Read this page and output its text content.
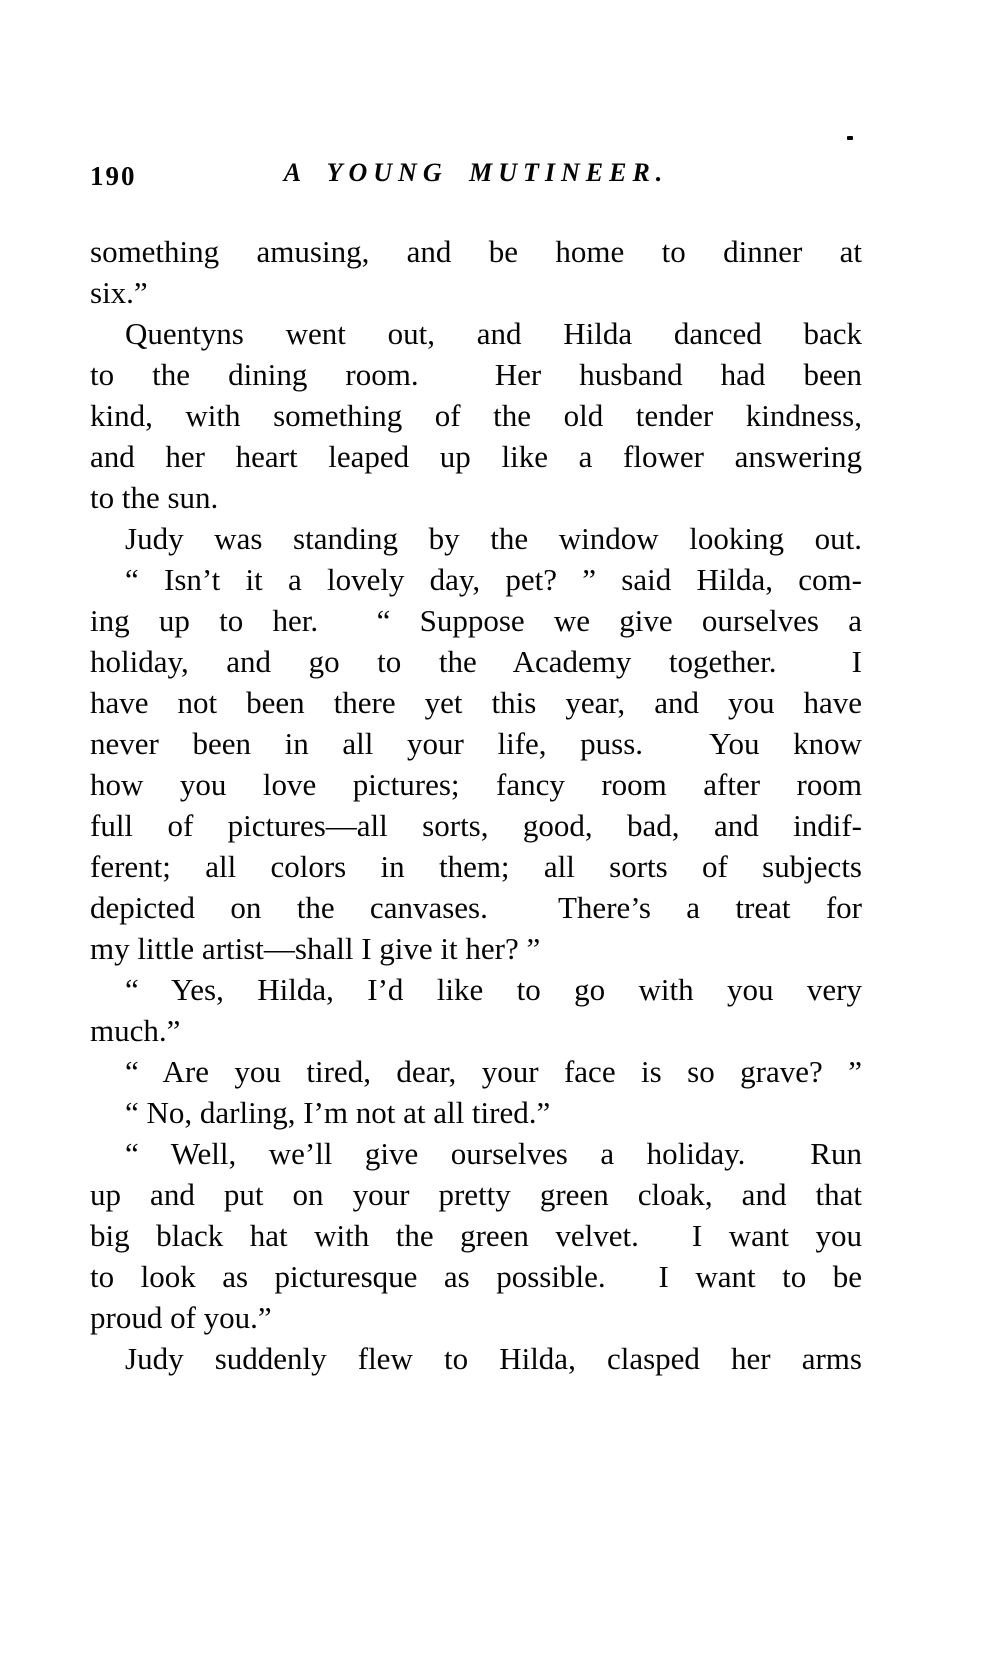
190	A YOUNG MUTINEER.
something amusing, and be home to dinner at
six.”
Quentyns went out, and Hilda danced back
to the dining room.  Her husband had been
kind, with something of the old tender kindness,
and her heart leaped up like a flower answering
to the sun.
Judy was standing by the window looking out.
“ Isn’t it a lovely day, pet? ” said Hilda, com-
ing up to her.  “ Suppose we give ourselves a
holiday, and go to the Academy together.  I
have not been there yet this year, and you have
never been in all your life, puss.  You know
how you love pictures; fancy room after room
full of pictures—all sorts, good, bad, and indif-
ferent; all colors in them; all sorts of subjects
depicted on the canvases.  There’s a treat for
my little artist—shall I give it her? ”
“ Yes, Hilda, I’d like to go with you very
much.”
“ Are you tired, dear, your face is so grave? ”
“ No, darling, I’m not at all tired.”
“ Well, we’ll give ourselves a holiday.  Run
up and put on your pretty green cloak, and that
big black hat with the green velvet.  I want you
to look as picturesque as possible.  I want to be
proud of you.”
Judy suddenly flew to Hilda, clasped her arms
